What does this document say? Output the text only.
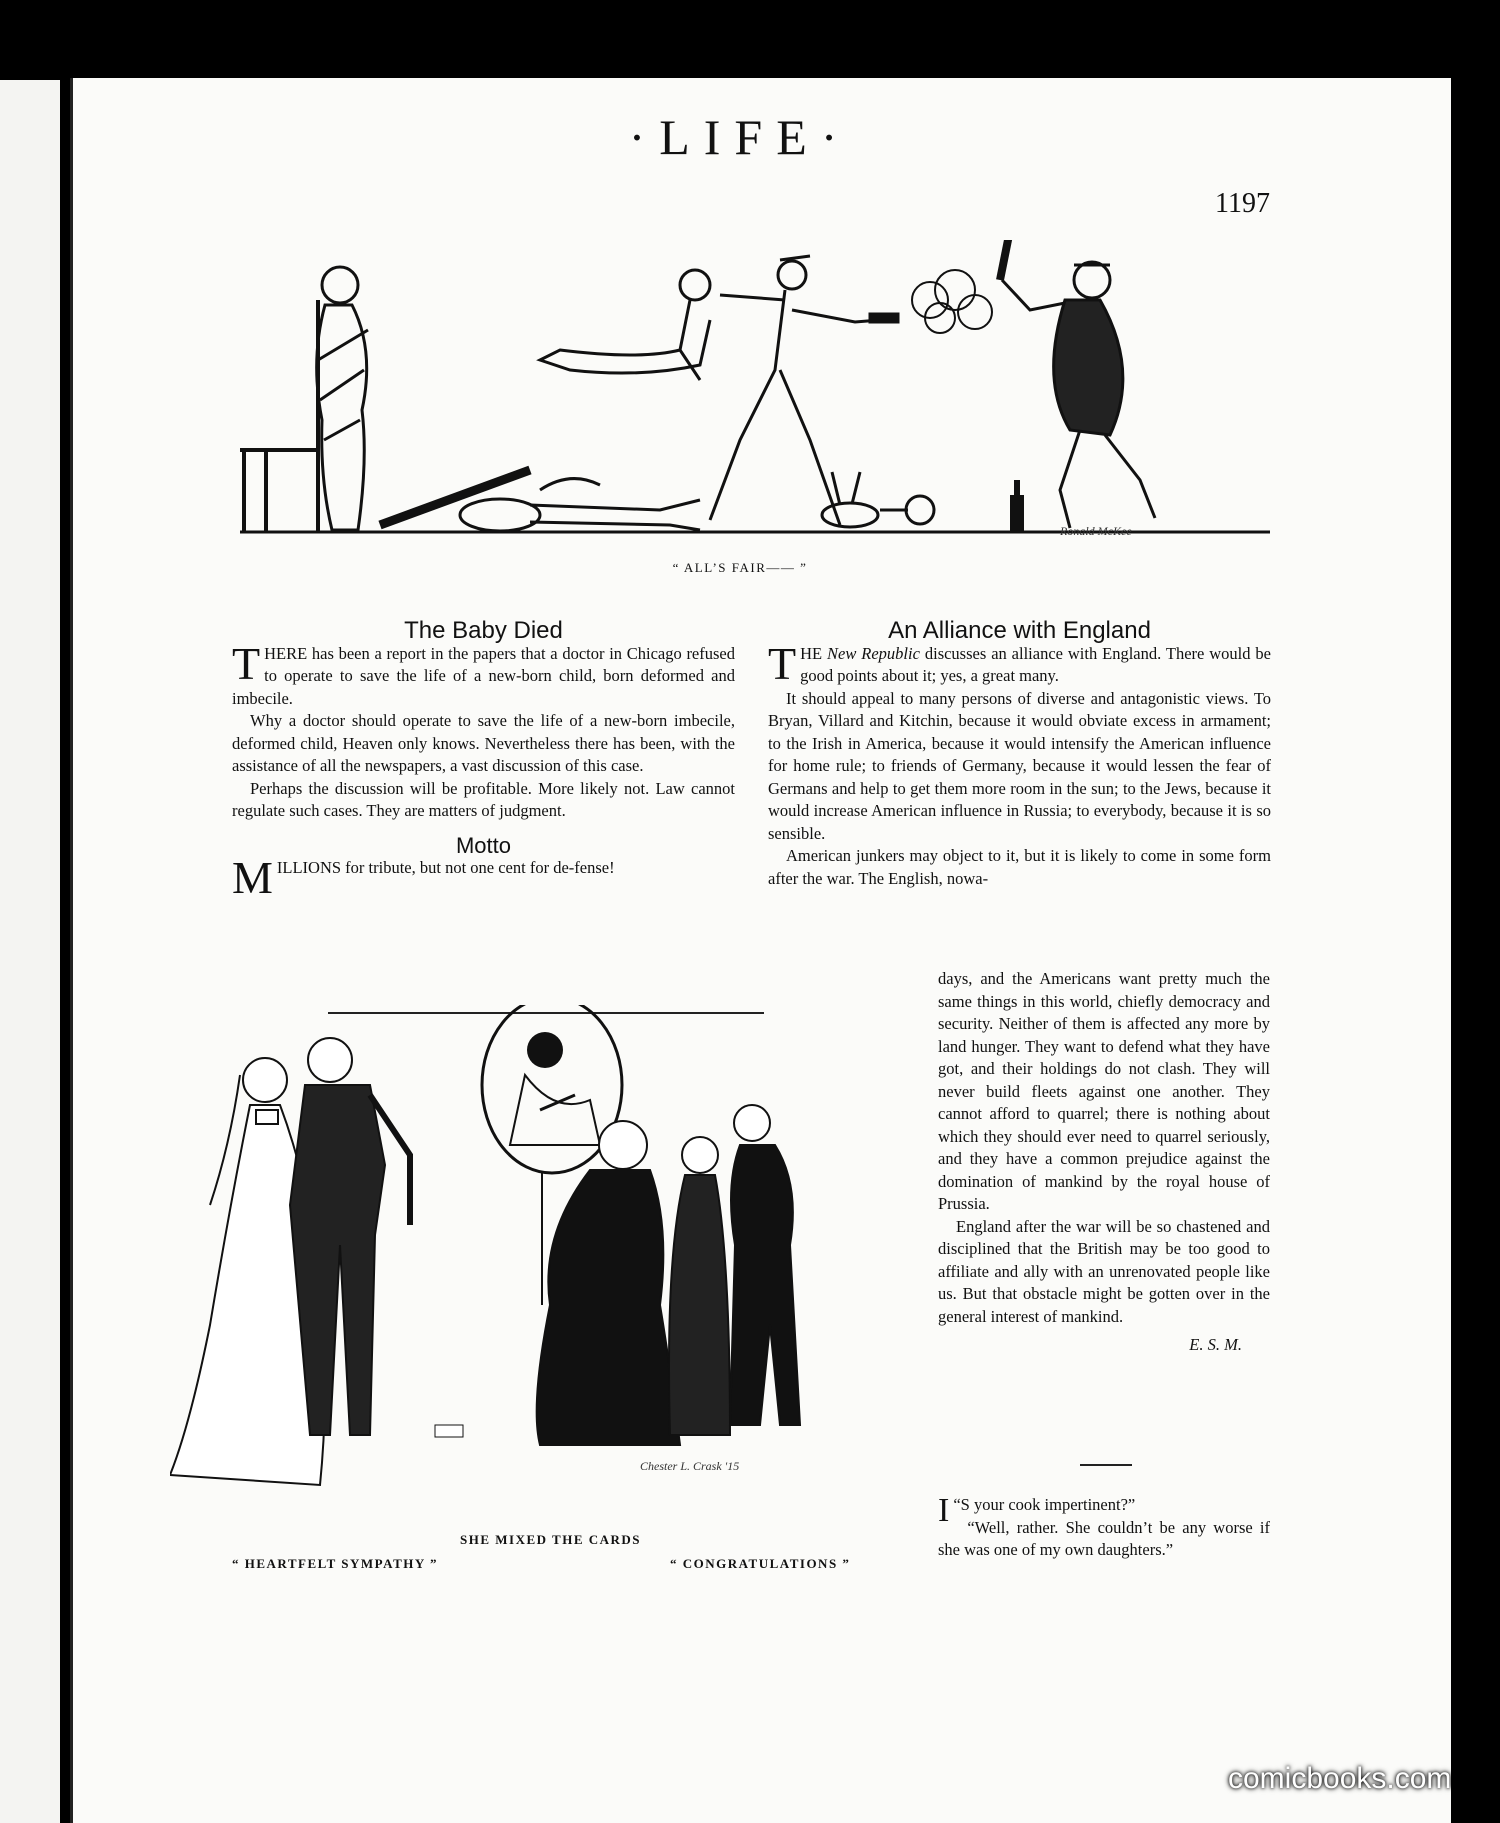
·LIFE·
1197
Ronald McKee
“ ALL’S FAIR—— ”
The Baby Died

THERE has been a report in the papers that a doctor in Chicago refused to operate to save the life of a new-born child, born deformed and imbecile.

Why a doctor should operate to save the life of a new-born imbecile, deformed child, Heaven only knows. Nevertheless there has been, with the assistance of all the newspapers, a vast discussion of this case.

Perhaps the discussion will be profitable. More likely not. Law cannot regulate such cases. They are matters of judgment.

Motto

MILLIONS for tribute, but not one cent for de-fense!

An Alliance with England

THE New Republic discusses an alliance with England. There would be good points about it; yes, a great many.

It should appeal to many persons of diverse and antagonistic views. To Bryan, Villard and Kitchin, because it would obviate excess in armament; to the Irish in America, because it would intensify the American influence for home rule; to friends of Germany, because it would lessen the fear of Germans and help to get them more room in the sun; to the Jews, because it would increase American influence in Russia; to everybody, because it is so sensible.

American junkers may object to it, but it is likely to come in some form after the war. The English, nowa-

days, and the Americans want pretty much the same things in this world, chiefly democracy and security. Neither of them is affected any more by land hunger. They want to defend what they have got, and their holdings do not clash. They will never build fleets against one another. They cannot afford to quarrel; there is nothing about which they should ever need to quarrel seriously, and they have a common prejudice against the domination of mankind by the royal house of Prussia.

England after the war will be so chastened and disciplined that the British may be too good to affiliate and ally with an unrenovated people like us. But that obstacle might be gotten over in the general interest of mankind.

E. S. M.
Chester L. Crask '15
SHE MIXED THE CARDS
“ HEARTFELT SYMPATHY ”	“ CONGRATULATIONS ”

“
I S your cook impertinent?”

“Well, rather. She couldn’t be any worse if she was one of my own daughters.”

comicbooks.com
